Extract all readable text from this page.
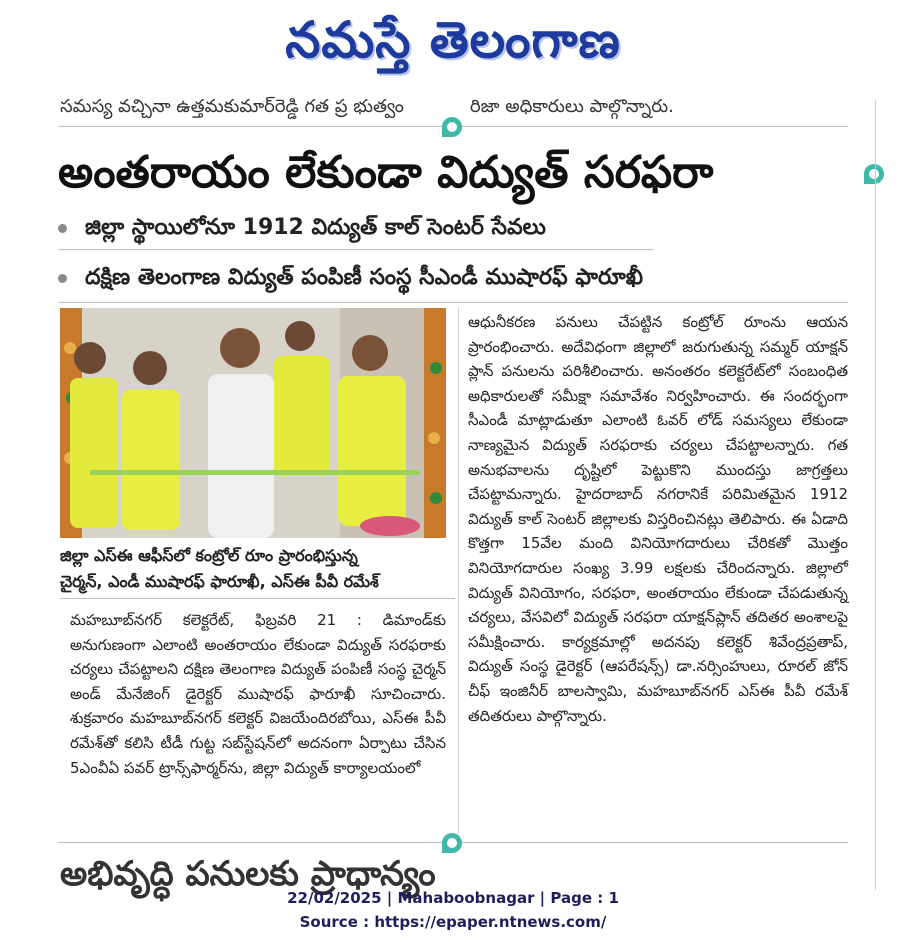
నమస్తే తెలంగాణ
సమస్య వచ్చినా ఉత్తమకుమార్‌రెడ్డి గత ప్ర భుత్వం	రిజా అధికారులు పాల్గొన్నారు.
అంతరాయం లేకుండా విద్యుత్ సరఫరా
జిల్లా స్థాయిలోనూ 1912 విద్యుత్ కాల్ సెంటర్ సేవలు
దక్షిణ తెలంగాణ విద్యుత్ పంపిణీ సంస్థ సీఎండీ ముషారఫ్ ఫారూఖీ
జిల్లా ఎస్ఈ ఆఫీస్‌లో కంట్రోల్ రూం ప్రారంభిస్తున్న
చైర్మన్, ఎండీ ముషారఫ్ ఫారూఖీ, ఎస్ఈ పీవీ రమేశ్
మహబూబ్‌నగర్ కలెక్టరేట్, ఫిబ్రవరి 21 : డిమాండ్‌కు అనుగుణంగా ఎలాంటి అంతరాయం లేకుండా విద్యుత్ సరఫరాకు చర్యలు చేపట్టాలని దక్షిణ తెలంగాణ విద్యుత్ పంపిణీ సంస్థ చైర్మన్ అండ్ మేనేజింగ్ డైరెక్టర్ ముషారఫ్ ఫారూఖీ సూచించారు. శుక్రవారం మహబూబ్‌నగర్ కలెక్టర్ విజయేందిరబోయి, ఎస్ఈ పీవీ రమేశ్‌తో కలిసి టీడీ గుట్ట సబ్‌స్టేషన్‌లో అదనంగా ఏర్పాటు చేసిన 5ఎంవీఏ పవర్ ట్రాన్స్‌ఫార్మర్‌ను, జిల్లా విద్యుత్ కార్యాలయంలో
ఆధునీకరణ పనులు చేపట్టిన కంట్రోల్ రూంను ఆయన ప్రారంభించారు. అదేవిధంగా జిల్లాలో జరుగుతున్న సమ్మర్ యాక్షన్ ప్లాన్ పనులను పరిశీలించారు. అనంతరం కలెక్టరేట్‌లో సంబంధిత అధికారులతో సమీక్షా సమావేశం నిర్వహించారు. ఈ సందర్భంగా సీఎండీ మాట్లాడుతూ ఎలాంటి ఓవర్ లోడ్ సమస్యలు లేకుండా నాణ్యమైన విద్యుత్ సరఫరాకు చర్యలు చేపట్టాలన్నారు. గత అనుభవాలను దృష్టిలో పెట్టుకొని ముందస్తు జాగ్రత్తలు చేపట్టామన్నారు. హైదరాబాద్ నగరానికే పరిమితమైన 1912 విద్యుత్ కాల్ సెంటర్ జిల్లాలకు విస్తరించినట్లు తెలిపారు. ఈ ఏడాది కొత్తగా 15వేల మంది వినియోగదారులు చేరికతో మొత్తం వినియోగదారుల సంఖ్య 3.99 లక్షలకు చేరిందన్నారు. జిల్లాలో విద్యుత్ వినియోగం, సరఫరా, అంతరాయం లేకుండా చేపడుతున్న చర్యలు, వేసవిలో విద్యుత్ సరఫరా యాక్షన్‌ప్లాన్ తదితర అంశాలపై సమీక్షించారు. కార్యక్రమాల్లో అదనపు కలెక్టర్ శివేంద్రప్రతాప్, విద్యుత్ సంస్థ డైరెక్టర్ (ఆపరేషన్స్) డా.నర్సింహులు, రూరల్ జోన్ చీఫ్ ఇంజినీర్ బాలస్వామి, మహబూబ్‌నగర్ ఎస్ఈ పీవీ రమేశ్ తదితరులు పాల్గొన్నారు.
అభివృద్ధి పనులకు ప్రాధాన్యం
22/02/2025 | Mahaboobnagar | Page : 1
Source : https://epaper.ntnews.com/
